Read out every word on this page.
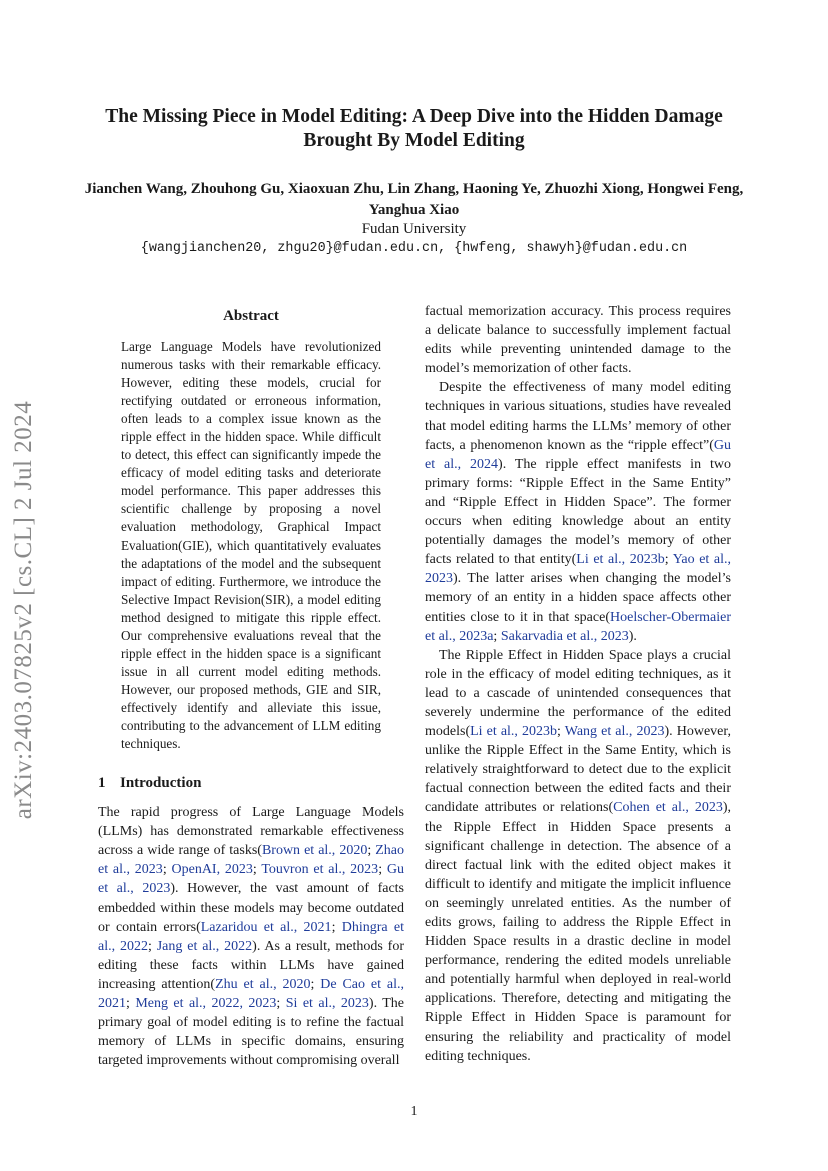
arXiv:2403.07825v2 [cs.CL] 2 Jul 2024
The Missing Piece in Model Editing: A Deep Dive into the Hidden Damage Brought By Model Editing

Jianchen Wang, Zhouhong Gu, Xiaoxuan Zhu, Lin Zhang, Haoning Ye, Zhuozhi Xiong, Hongwei Feng, Yanghua Xiao

Fudan University
{wangjianchen20, zhgu20}@fudan.edu.cn, {hwfeng, shawyh}@fudan.edu.cn
Abstract

Large Language Models have revolutionized numerous tasks with their remarkable efficacy. However, editing these models, crucial for rectifying outdated or erroneous information, often leads to a complex issue known as the ripple effect in the hidden space. While difficult to detect, this effect can significantly impede the efficacy of model editing tasks and deteriorate model performance. This paper addresses this scientific challenge by proposing a novel evaluation methodology, Graphical Impact Evaluation(GIE), which quantitatively evaluates the adaptations of the model and the subsequent impact of editing. Furthermore, we introduce the Selective Impact Revision(SIR), a model editing method designed to mitigate this ripple effect. Our comprehensive evaluations reveal that the ripple effect in the hidden space is a significant issue in all current model editing methods. However, our proposed methods, GIE and SIR, effectively identify and alleviate this issue, contributing to the advancement of LLM editing techniques.

1 Introduction

The rapid progress of Large Language Models (LLMs) has demonstrated remarkable effectiveness across a wide range of tasks(Brown et al., 2020; Zhao et al., 2023; OpenAI, 2023; Touvron et al., 2023; Gu et al., 2023). However, the vast amount of facts embedded within these models may become outdated or contain errors(Lazaridou et al., 2021; Dhingra et al., 2022; Jang et al., 2022). As a result, methods for editing these facts within LLMs have gained increasing attention(Zhu et al., 2020; De Cao et al., 2021; Meng et al., 2022, 2023; Si et al., 2023). The primary goal of model editing is to refine the factual memory of LLMs in specific domains, ensuring targeted improvements without compromising overall

factual memorization accuracy. This process requires a delicate balance to successfully implement factual edits while preventing unintended damage to the model’s memorization of other facts.

Despite the effectiveness of many model editing techniques in various situations, studies have revealed that model editing harms the LLMs’ memory of other facts, a phenomenon known as the “ripple effect”(Gu et al., 2024). The ripple effect manifests in two primary forms: “Ripple Effect in the Same Entity” and “Ripple Effect in Hidden Space”. The former occurs when editing knowledge about an entity potentially damages the model’s memory of other facts related to that entity(Li et al., 2023b; Yao et al., 2023). The latter arises when changing the model’s memory of an entity in a hidden space affects other entities close to it in that space(Hoelscher-Obermaier et al., 2023a; Sakarvadia et al., 2023).

The Ripple Effect in Hidden Space plays a crucial role in the efficacy of model editing techniques, as it lead to a cascade of unintended consequences that severely undermine the performance of the edited models(Li et al., 2023b; Wang et al., 2023). However, unlike the Ripple Effect in the Same Entity, which is relatively straightforward to detect due to the explicit factual connection between the edited facts and their candidate attributes or relations(Cohen et al., 2023), the Ripple Effect in Hidden Space presents a significant challenge in detection. The absence of a direct factual link with the edited object makes it difficult to identify and mitigate the implicit influence on seemingly unrelated entities. As the number of edits grows, failing to address the Ripple Effect in Hidden Space results in a drastic decline in model performance, rendering the edited models unreliable and potentially harmful when deployed in real-world applications. Therefore, detecting and mitigating the Ripple Effect in Hidden Space is paramount for ensuring the reliability and practicality of model editing techniques.

1
